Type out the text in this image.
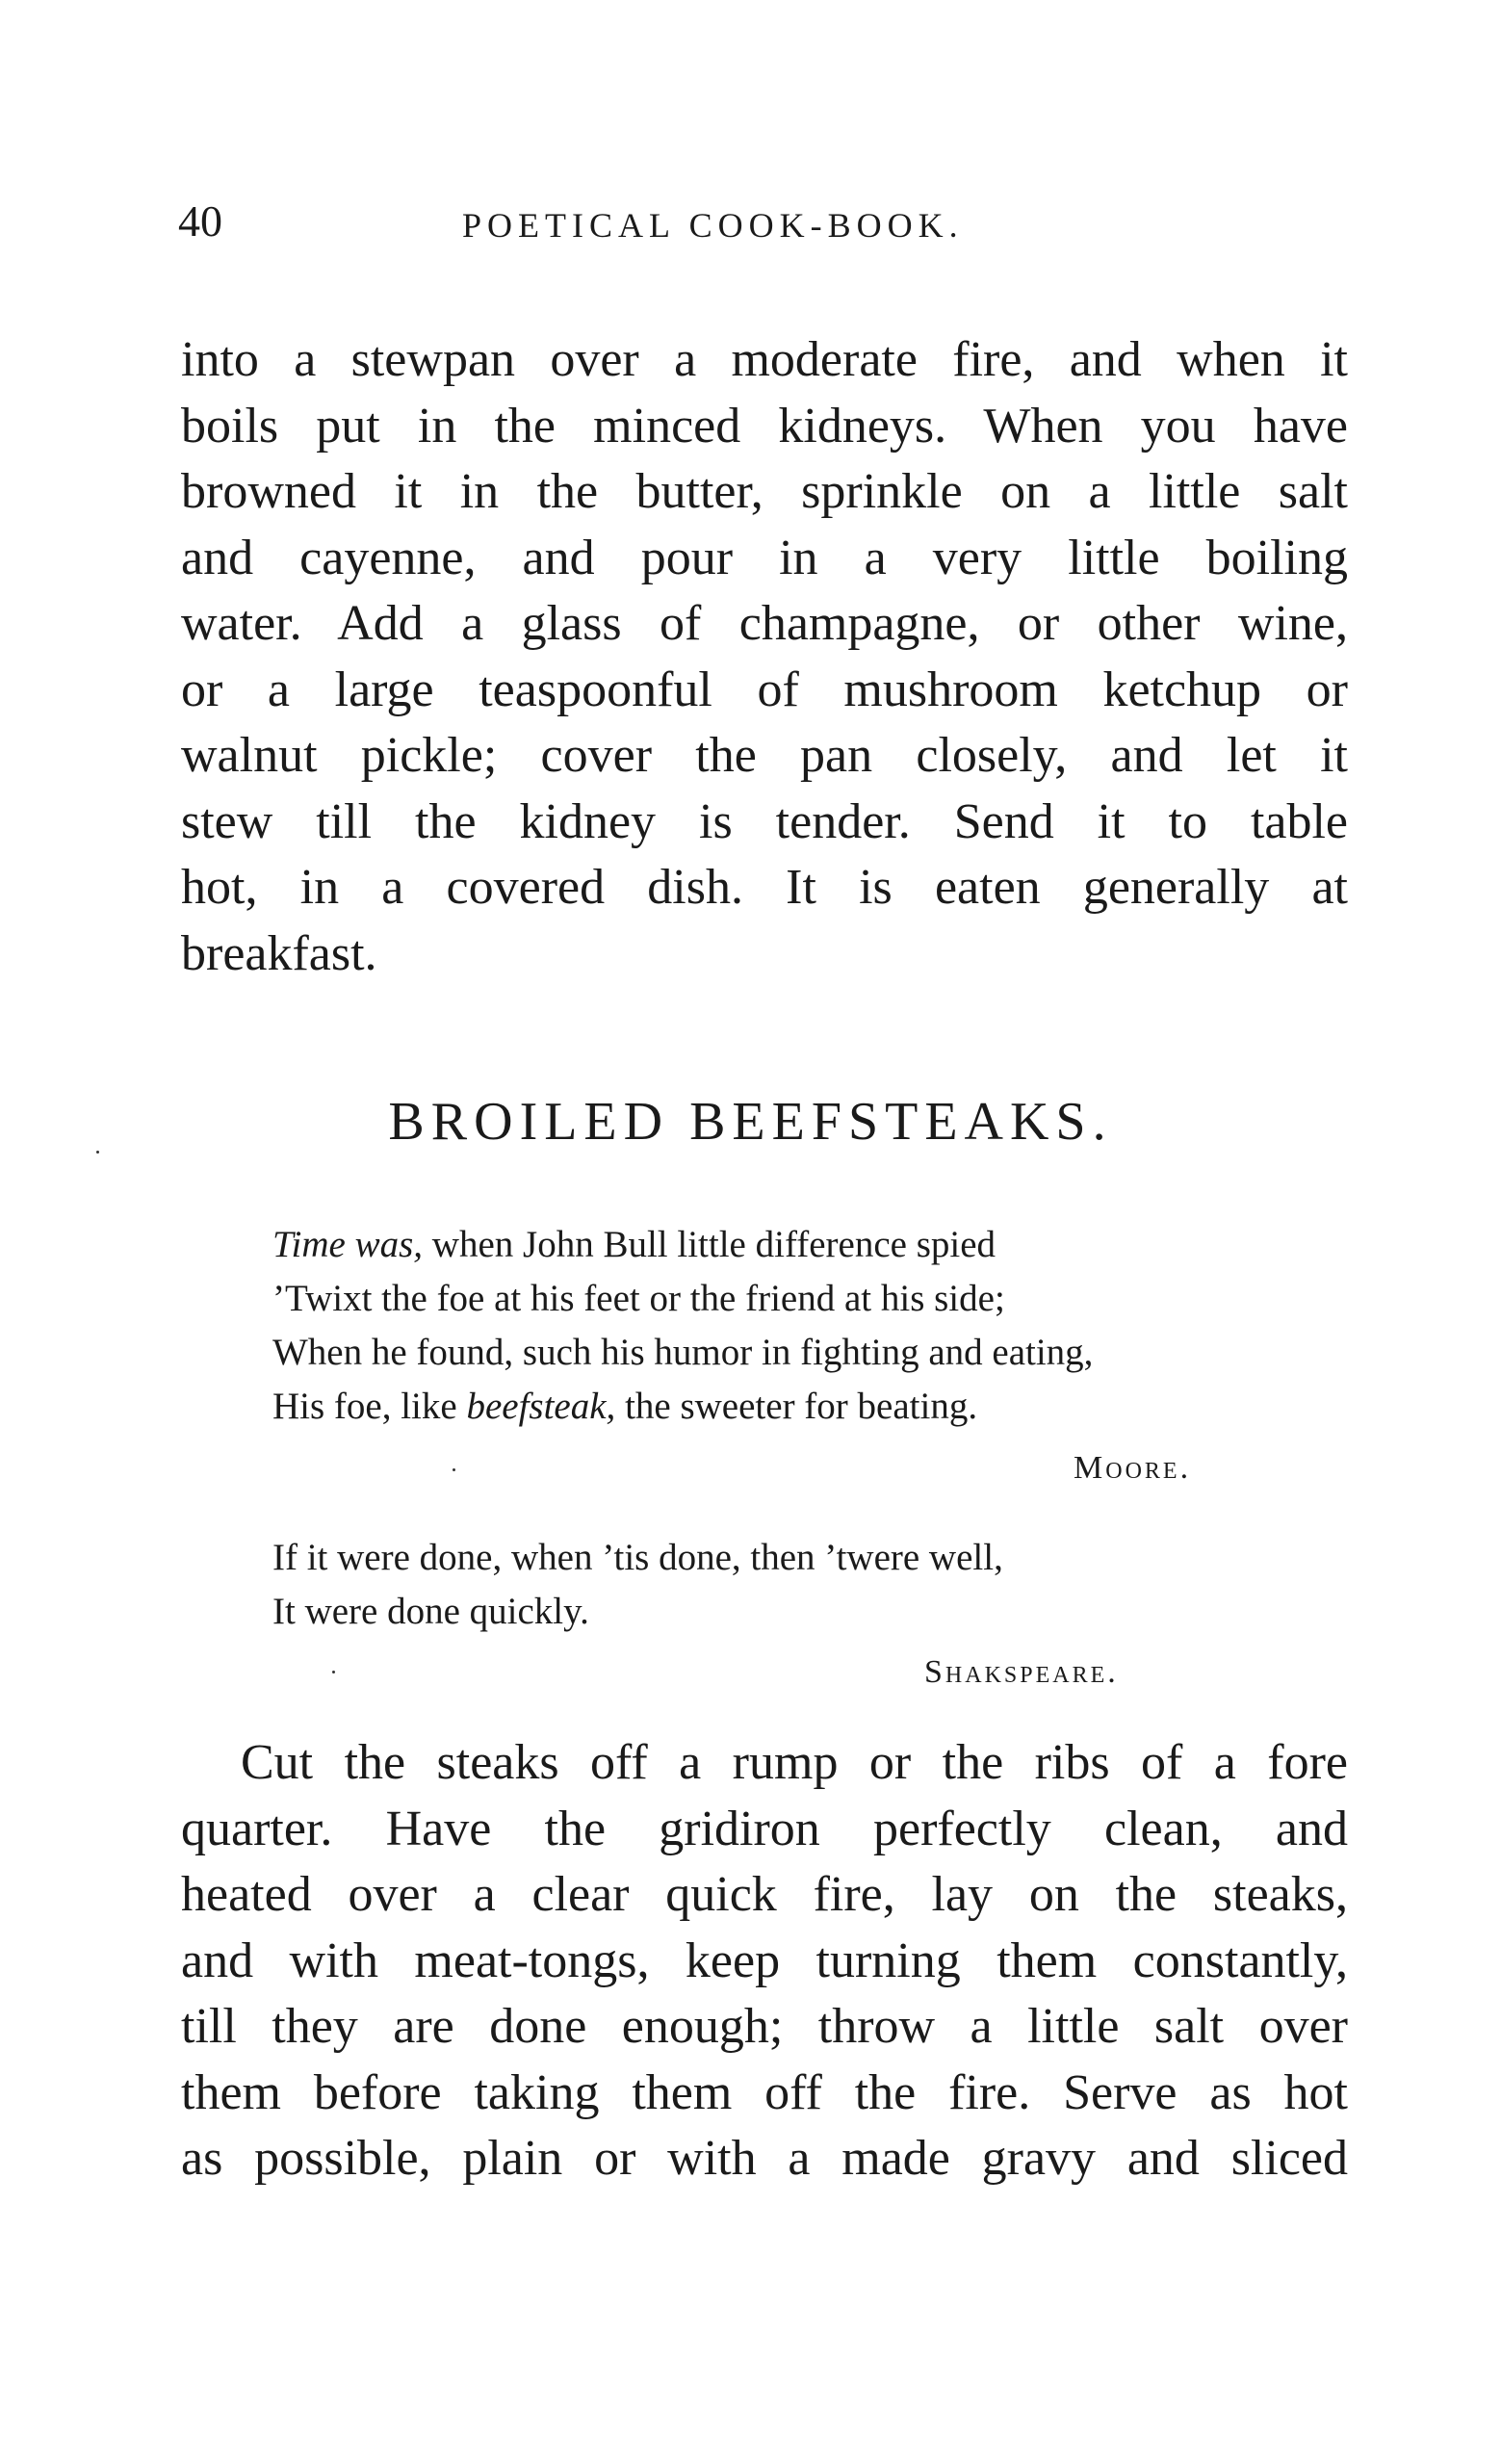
40	POETICAL COOK-BOOK.
into a stewpan over a moderate fire, and when it
boils put in the minced kidneys. When you have
browned it in the butter, sprinkle on a little salt
and cayenne, and pour in a very little boiling
water. Add a glass of champagne, or other wine,
or a large teaspoonful of mushroom ketchup or
walnut pickle; cover the pan closely, and let it
stew till the kidney is tender. Send it to table
hot, in a covered dish. It is eaten generally at
breakfast.
BROILED BEEFSTEAKS.
Time was, when John Bull little difference spied
’Twixt the foe at his feet or the friend at his side;
When he found, such his humor in fighting and eating,
His foe, like beefsteak, the sweeter for beating.
Moore.
If it were done, when ’tis done, then ’twere well,
It were done quickly.
Shakspeare.
Cut the steaks off a rump or the ribs of a fore
quarter. Have the gridiron perfectly clean, and
heated over a clear quick fire, lay on the steaks,
and with meat-tongs, keep turning them constantly,
till they are done enough; throw a little salt over
them before taking them off the fire. Serve as hot
as possible, plain or with a made gravy and sliced
